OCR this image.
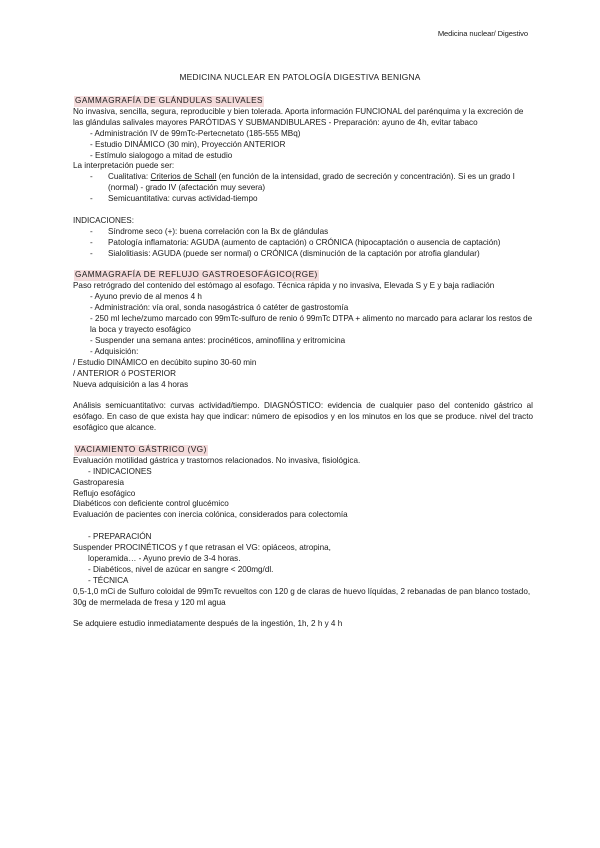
Medicina nuclear/ Digestivo
MEDICINA NUCLEAR EN PATOLOGÍA DIGESTIVA BENIGNA
GAMMAGRAFÍA DE GLÁNDULAS SALIVALES

No invasiva, sencilla, segura, reproducible y bien tolerada. Aporta información FUNCIONAL del parénquima y la excreción de las glándulas salivales mayores PARÓTIDAS Y SUBMANDIBULARES - Preparación: ayuno de 4h, evitar tabaco

- Administración IV de 99mTc-Pertecnetato (185-555 MBq)

- Estudio DINÁMICO (30 min), Proyección ANTERIOR

- Estímulo sialogogo a mitad de estudio

La interpretación puede ser:

-	Cualitativa: Criterios de Schall (en función de la intensidad, grado de secreción y concentración). Si es un grado I (normal) - grado IV (afectación muy severa)
-	Semicuantitativa: curvas actividad-tiempo

INDICACIONES:

-	Síndrome seco (+): buena correlación con la Bx de glándulas
-	Patología inflamatoria: AGUDA (aumento de captación) o CRÓNICA (hipocaptación o ausencia de captación)
-	Sialolitiasis: AGUDA (puede ser normal) o CRÓNICA (disminución de la captación por atrofia glandular)
GAMMAGRAFÍA DE REFLUJO GASTROESOFÁGICO(RGE)

Paso retrógrado del contenido del estómago al esofago. Técnica rápida y no invasiva, Elevada S y E y baja radiación

- Ayuno previo de al menos 4 h

- Administración: vía oral, sonda nasogástrica ó catéter de gastrostomía

- 250 ml leche/zumo marcado con 99mTc-sulfuro de renio ó 99mTc DTPA + alimento no marcado para aclarar los restos de la boca y trayecto esofágico

- Suspender una semana antes: procinéticos, aminofilina y eritromicina

- Adquisición:

/ Estudio DINÁMICO en decúbito supino 30-60 min

/ ANTERIOR ó POSTERIOR

Nueva adquisición a las 4 horas

Análisis semicuantitativo: curvas actividad/tiempo. DIAGNÓSTICO: evidencia de cualquier paso del contenido gástrico al esófago. En caso de que exista hay que indicar: número de episodios y en los minutos en los que se produce. nivel del tracto esofágico que alcance.

VACIAMIENTO GÁSTRICO (VG)

Evaluación motilidad gástrica y trastornos relacionados. No invasiva, fisiológica.

- INDICACIONES

Gastroparesia

Reflujo esofágico

Diabéticos con deficiente control glucémico

Evaluación de pacientes con inercia colónica, considerados para colectomía

- PREPARACIÓN

Suspender PROCINÉTICOS y f que retrasan el VG: opiáceos, atropina,

loperamida… - Ayuno previo de 3-4 horas.

- Diabéticos, nivel de azúcar en sangre < 200mg/dl.

- TÉCNICA

0,5-1,0 mCi de Sulfuro coloidal de 99mTc revueltos con 120 g de claras de huevo líquidas, 2 rebanadas de pan blanco tostado, 30g de mermelada de fresa y 120 ml agua

Se adquiere estudio inmediatamente después de la ingestión, 1h, 2 h y 4 h
